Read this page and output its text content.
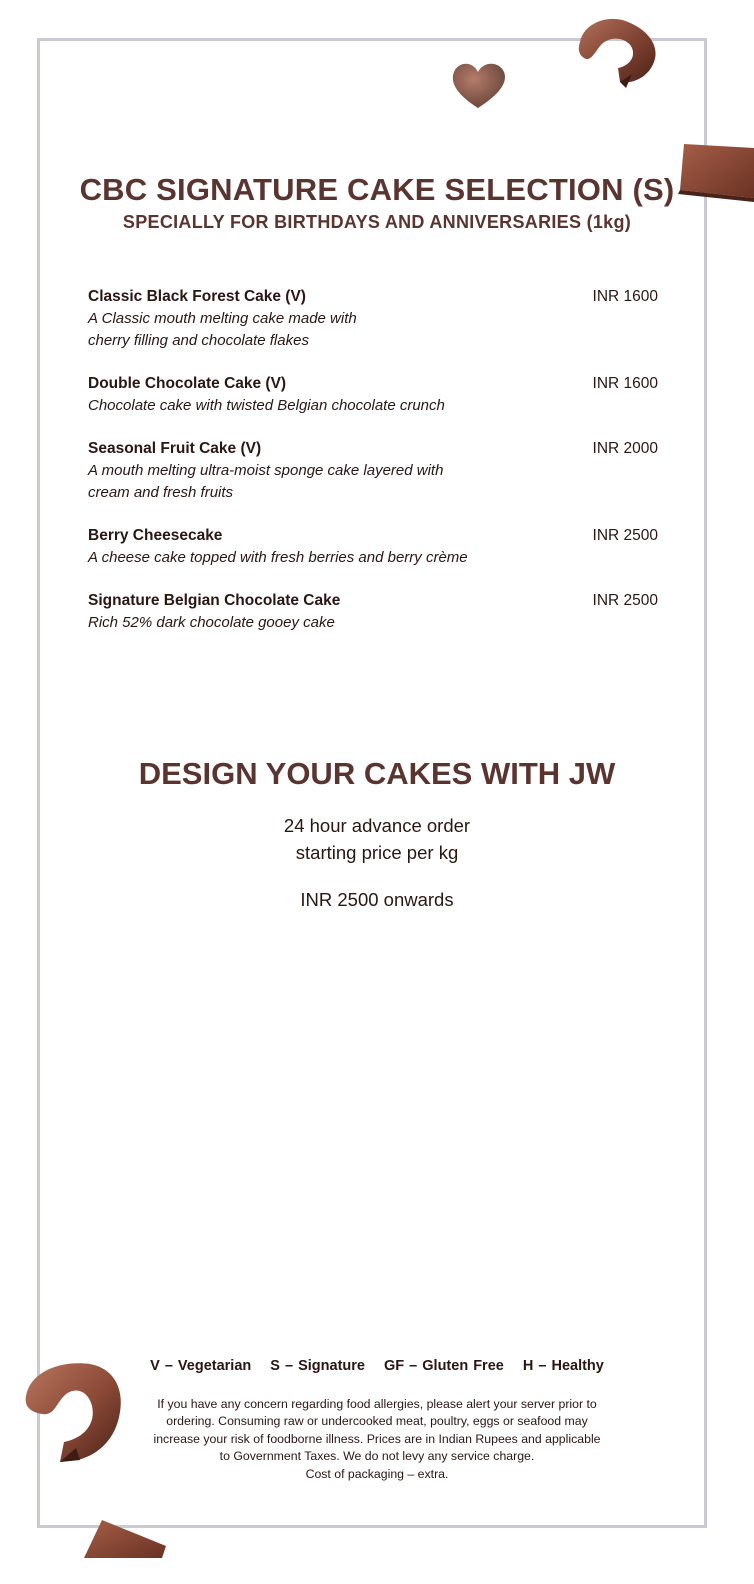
CBC SIGNATURE CAKE SELECTION (S)
SPECIALLY FOR BIRTHDAYS AND ANNIVERSARIES (1kg)
Classic Black Forest Cake (V)	INR 1600
A Classic mouth melting cake made with cherry filling and chocolate flakes
Double Chocolate Cake (V)	INR 1600
Chocolate cake with twisted Belgian chocolate crunch
Seasonal Fruit Cake (V)	INR 2000
A mouth melting ultra-moist sponge cake layered with cream and fresh fruits
Berry Cheesecake	INR 2500
A cheese cake topped with fresh berries and berry crème
Signature Belgian Chocolate Cake	INR 2500
Rich 52% dark chocolate gooey cake
DESIGN YOUR CAKES WITH JW
24 hour advance order
starting price per kg
INR 2500 onwards
V – Vegetarian S – Signature GF – Gluten Free H – Healthy
If you have any concern regarding food allergies, please alert your server prior to
ordering. Consuming raw or undercooked meat, poultry, eggs or seafood may
increase your risk of foodborne illness. Prices are in Indian Rupees and applicable
to Government Taxes. We do not levy any service charge.
Cost of packaging – extra.
